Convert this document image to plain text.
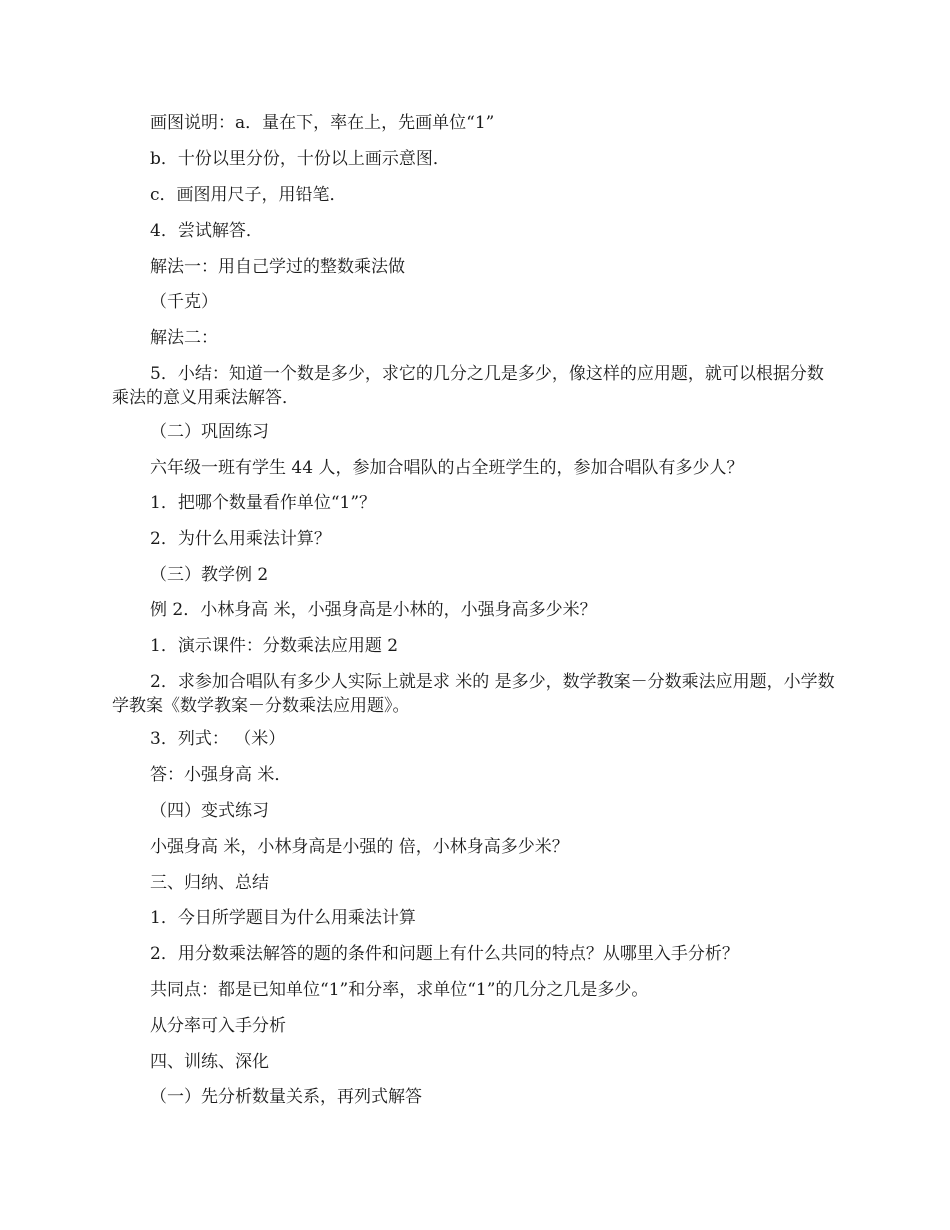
画图说明：a．量在下，率在上，先画单位“1”
b．十份以里分份，十份以上画示意图．
c．画图用尺子，用铅笔．
4．尝试解答．
解法一：用自己学过的整数乘法做
（千克）
解法二：
5．小结：知道一个数是多少，求它的几分之几是多少，像这样的应用题，就可以根据分数乘法的意义用乘法解答．
（二）巩固练习
六年级一班有学生 44 人，参加合唱队的占全班学生的，参加合唱队有多少人？
1．把哪个数量看作单位“1”？
2．为什么用乘法计算？
（三）教学例 2
例 2．小林身高 米，小强身高是小林的，小强身高多少米？
1．演示课件：分数乘法应用题 2
2．求参加合唱队有多少人实际上就是求 米的 是多少，数学教案－分数乘法应用题，小学数学教案《数学教案－分数乘法应用题》。
3．列式： （米）
答：小强身高 米．
（四）变式练习
小强身高 米，小林身高是小强的 倍，小林身高多少米？
三、归纳、总结
1．今日所学题目为什么用乘法计算
2．用分数乘法解答的题的条件和问题上有什么共同的特点？从哪里入手分析？
共同点：都是已知单位“1”和分率，求单位“1”的几分之几是多少。
从分率可入手分析
四、训练、深化
（一）先分析数量关系，再列式解答
